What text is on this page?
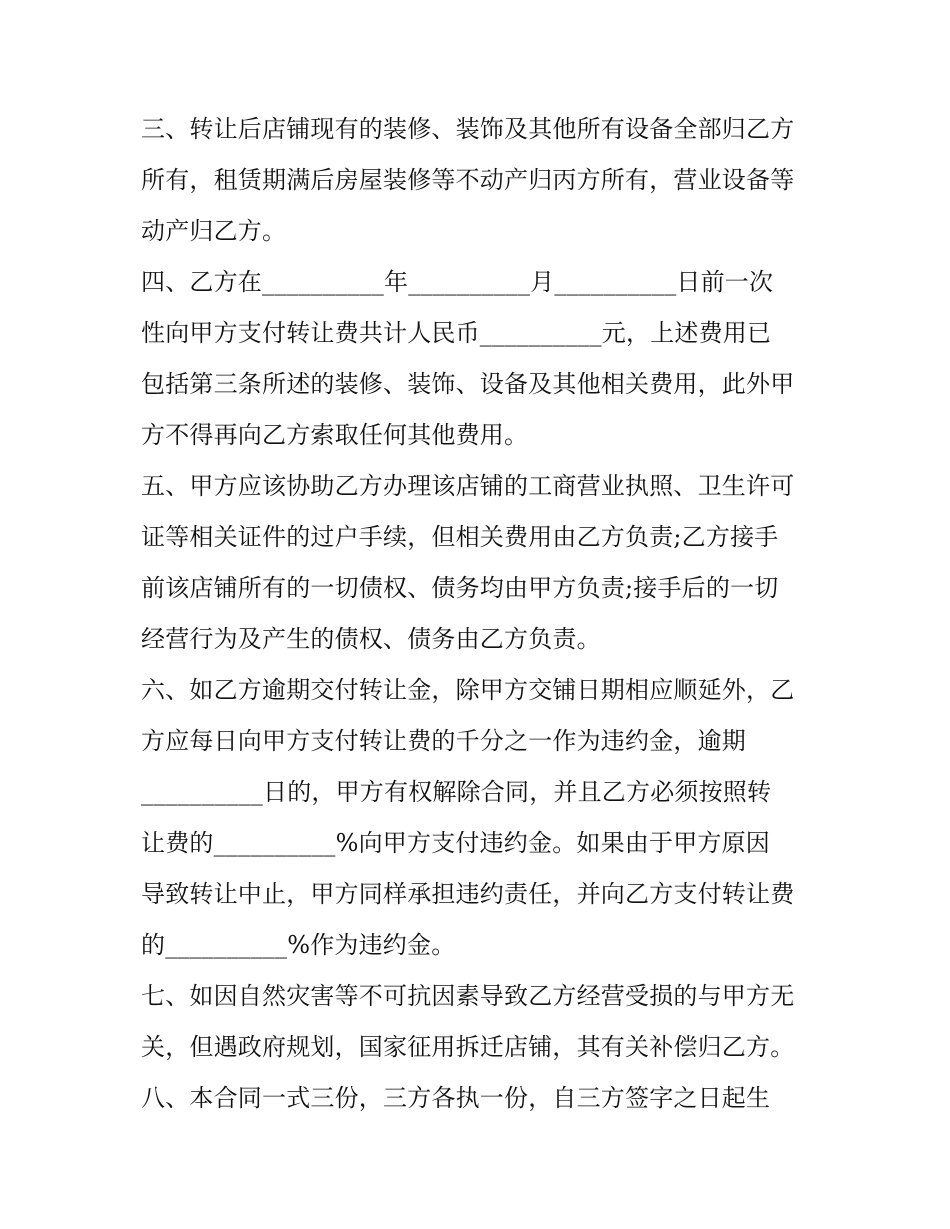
三、转让后店铺现有的装修、装饰及其他所有设备全部归乙方
所有，租赁期满后房屋装修等不动产归丙方所有，营业设备等
动产归乙方。
四、乙方在__________年__________月__________日前一次
性向甲方支付转让费共计人民币__________元，上述费用已
包括第三条所述的装修、装饰、设备及其他相关费用，此外甲
方不得再向乙方索取任何其他费用。
五、甲方应该协助乙方办理该店铺的工商营业执照、卫生许可
证等相关证件的过户手续，但相关费用由乙方负责;乙方接手
前该店铺所有的一切债权、债务均由甲方负责;接手后的一切
经营行为及产生的债权、债务由乙方负责。
六、如乙方逾期交付转让金，除甲方交铺日期相应顺延外，乙
方应每日向甲方支付转让费的千分之一作为违约金，逾期
__________日的，甲方有权解除合同，并且乙方必须按照转
让费的__________%向甲方支付违约金。如果由于甲方原因
导致转让中止，甲方同样承担违约责任，并向乙方支付转让费
的__________%作为违约金。
七、如因自然灾害等不可抗因素导致乙方经营受损的与甲方无
关，但遇政府规划，国家征用拆迁店铺，其有关补偿归乙方。
八、本合同一式三份，三方各执一份，自三方签字之日起生
